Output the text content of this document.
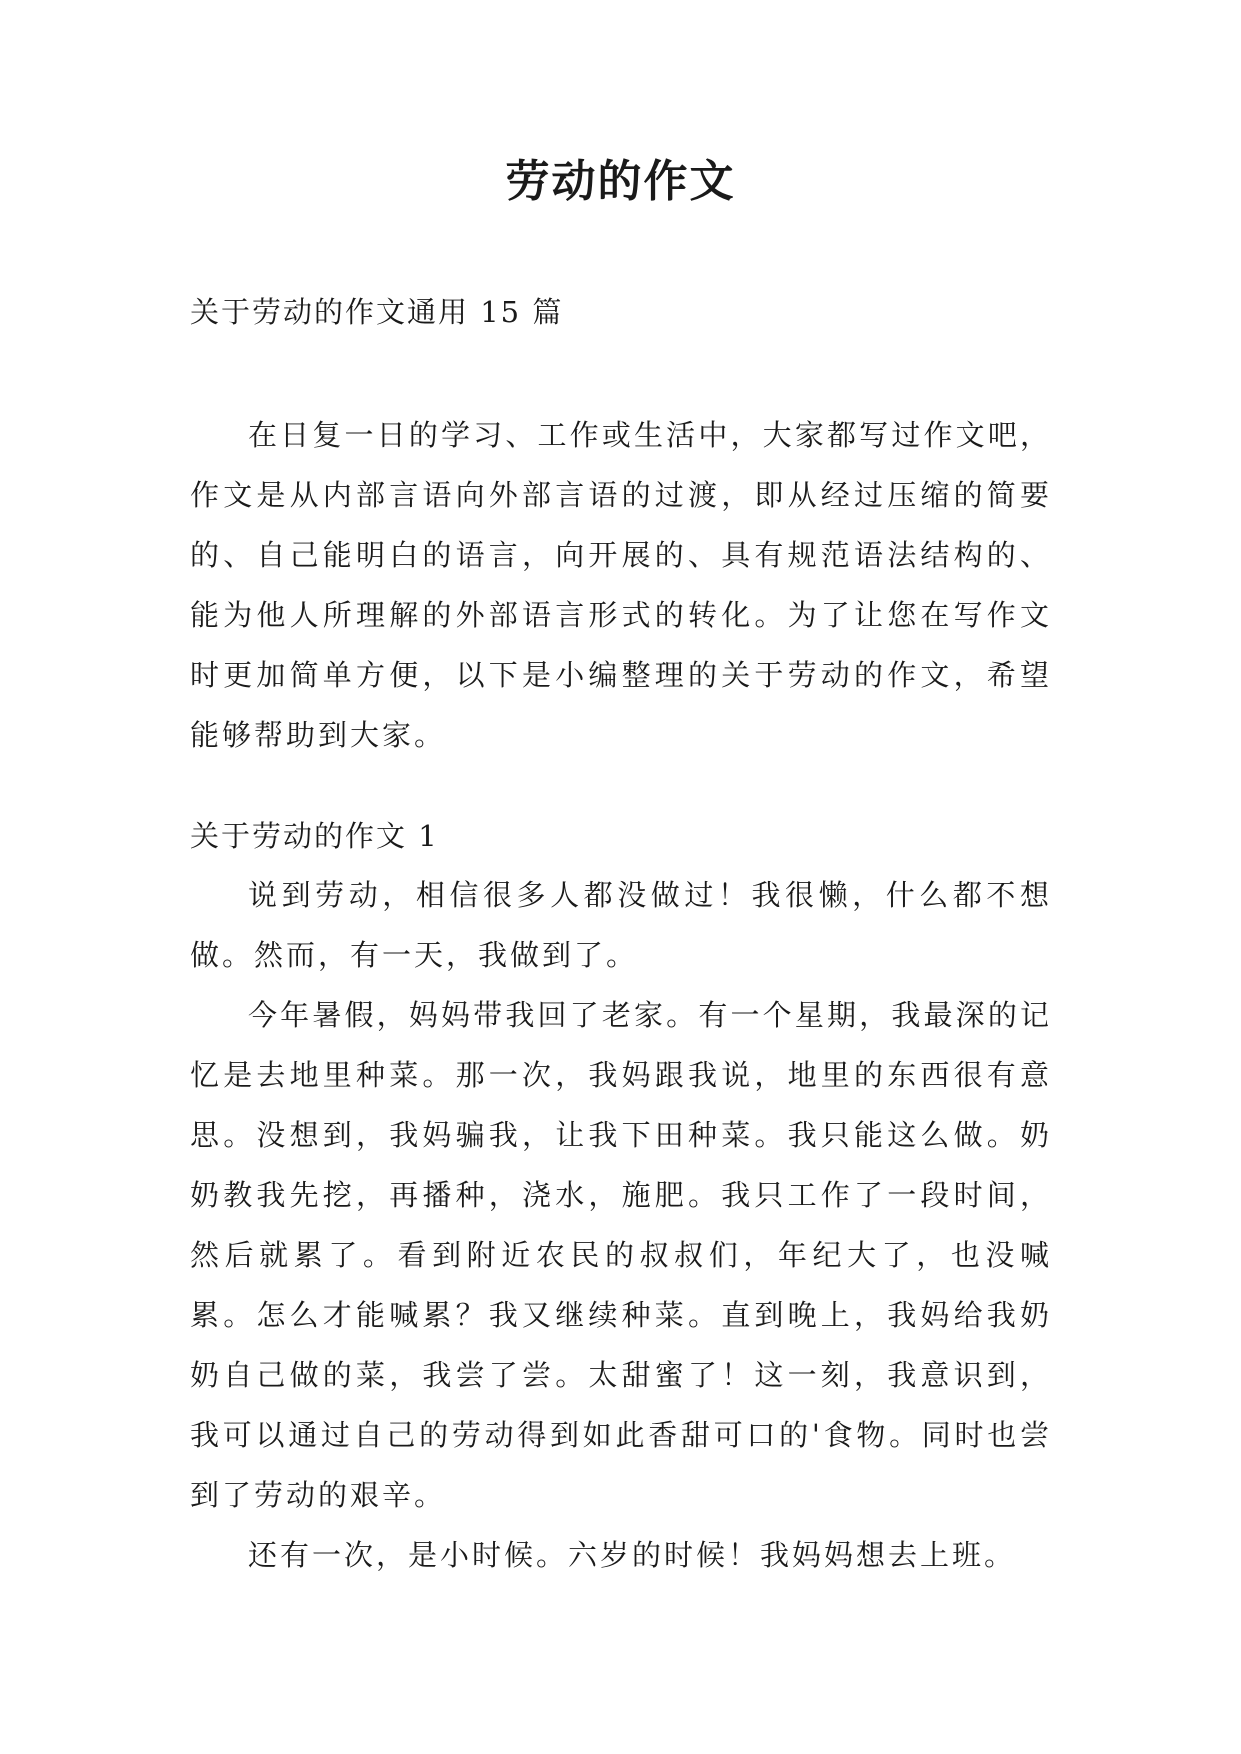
劳动的作文
关于劳动的作文通用 15 篇

在日复一日的学习、工作或生活中，大家都写过作文吧，作文是从内部言语向外部言语的过渡，即从经过压缩的简要的、自己能明白的语言，向开展的、具有规范语法结构的、能为他人所理解的外部语言形式的转化。为了让您在写作文时更加简单方便，以下是小编整理的关于劳动的作文，希望能够帮助到大家。

关于劳动的作文 1

说到劳动，相信很多人都没做过！我很懒，什么都不想做。然而，有一天，我做到了。

今年暑假，妈妈带我回了老家。有一个星期，我最深的记忆是去地里种菜。那一次，我妈跟我说，地里的东西很有意思。没想到，我妈骗我，让我下田种菜。我只能这么做。奶奶教我先挖，再播种，浇水，施肥。我只工作了一段时间，然后就累了。看到附近农民的叔叔们，年纪大了，也没喊累。怎么才能喊累？我又继续种菜。直到晚上，我妈给我奶奶自己做的菜，我尝了尝。太甜蜜了！这一刻，我意识到，我可以通过自己的劳动得到如此香甜可口的'食物。同时也尝到了劳动的艰辛。

还有一次，是小时候。六岁的时候！我妈妈想去上班。
